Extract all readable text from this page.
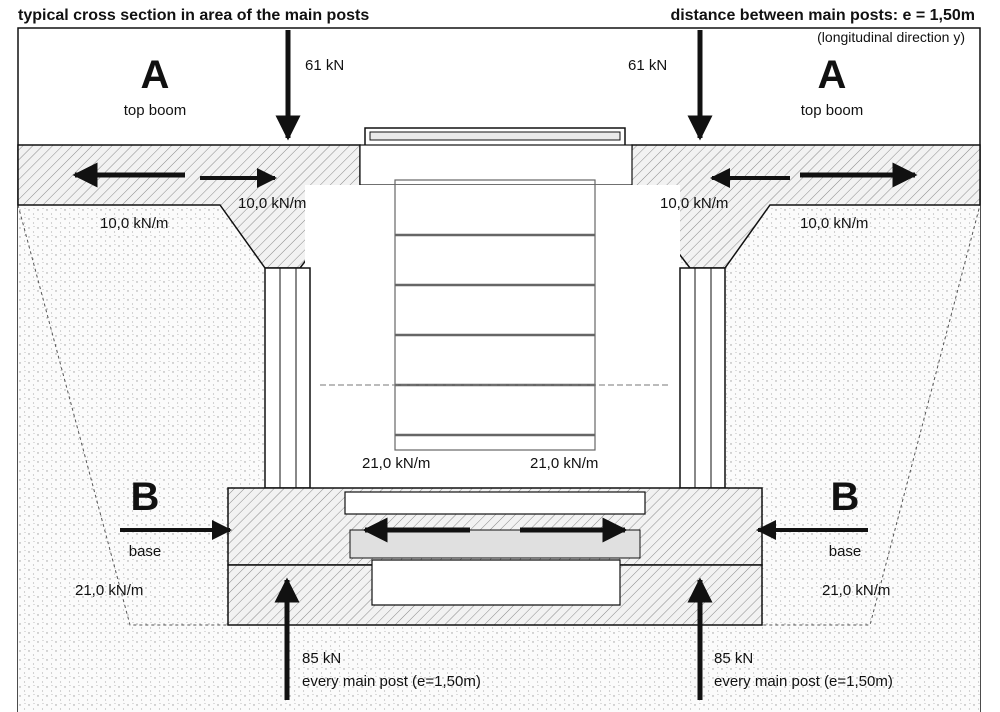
typical cross section in area of the main posts	distance between main posts: e = 1,50m
(longitudinal direction y)
A
top boom
A
top boom
61 kN	61 kN
10,0 kN/m
10,0 kN/m
10,0 kN/m
10,0 kN/m
B
base
B
base
21,0 kN/m	21,0 kN/m
21,0 kN/m	21,0 kN/m
85 kN
every main post (e=1,50m)
85 kN
every main post (e=1,50m)
